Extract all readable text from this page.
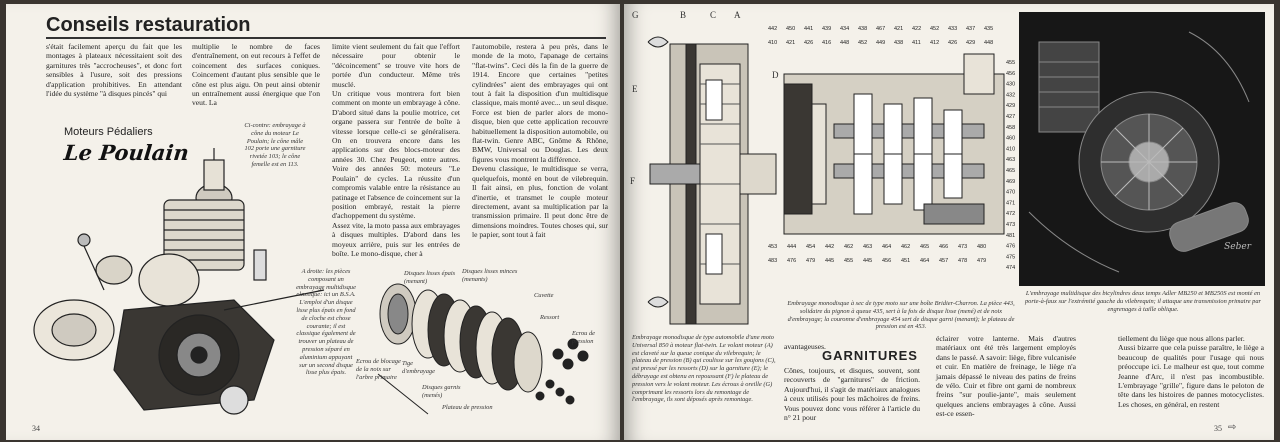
Conseils restauration
s'était facilement aperçu du fait que les montages à plateaux nécessitaient soit des garnitures très "accrocheuses", et donc fort sensibles à l'usure, soit des pressions d'application prohibitives. En attendant l'idée du système "à disques pincés" qui
multiplie le nombre de faces d'entraînement, on eut recours à l'effet de coincement des surfaces coniques. Coincement d'autant plus sensible que le cône est plus aigu. On peut ainsi obtenir un entraînement aussi énergique que l'on veut. La
limite vient seulement du fait que l'effort nécessaire pour obtenir le "décoincement" se trouve vite hors de portée d'un conducteur. Même très musclé.
Un critique vous montrera fort bien comment on monte un embrayage à cône. D'abord situé dans la poulie motrice, cet organe passera sur l'entrée de boîte à vitesse lorsque celle-ci se généralisera. On en trouvera encore dans les applications sur des blocs-moteur des années 30. Chez Peugeot, entre autres. Voire des années 50: moteurs "Le Poulain" de cycles. La réussite d'un compromis valable entre la résistance au patinage et l'absence de coincement sur la position embrayé, restait la pierre d'achoppement du système.
Assez vite, la moto passa aux embrayages à disques multiples. D'abord dans les moyeux arrière, puis sur les entrées de boîte. Le mono-disque, cher à
l'automobile, restera à peu près, dans le monde de la moto, l'apanage de certains "flat-twins". Ceci dès la fin de la guerre de 1914. Encore que certaines "petites cylindrées" aient des embrayages qui ont tout à fait la disposition d'un multidisque classique, mais monté avec... un seul disque. Force est bien de parler alors de mono-disque, bien que cette application recouvre habituellement la disposition automobile, ou flat-twin. Genre ABC, Gnôme & Rhône, BMW, Universal ou Douglas. Les deux figures vous montrent la différence.
Devenu classique, le multidisque se verra, quelquefois, monté en bout de vilebrequin. Il fait ainsi, en plus, fonction de volant d'inertie, et transmet le couple moteur directement, avant sa multiplication par la transmission primaire. Il peut donc être de dimensions moindres. Toutes choses qui, sur le papier, sont tout à fait
Moteurs Pédaliers
Le Poulain
Ci-contre: embrayage à cône du moteur Le Poulain; le cône mâle 102 porte une garniture rivetée 103; le cône femelle est en 113.
A droite: les pièces composant un embrayage multidisque classique: ici un B.S.A. L'emploi d'un disque lisse plus épais en fond de cloche est chose courante; il est classique également de trouver un plateau de pression séparé en aluminium appuyant sur un second disque lisse plus épais.
Disques lisses minces (menants)
Disques lisses épais (menant)
Cuvette
Ressort
Ecrou de pression
Ecrou de blocage de la noix sur l'arbre primaire
Tige d'embrayage
Disques garnis (menés)
Plateau de pression
34
G	B	C A
D
E
F
Embrayage monodisque de type automobile d'une moto Universal 850 à moteur flat-twin. Le volant moteur (A) est claveté sur la queue conique du vilebrequin; le plateau de pression (B) qui coulisse sur les goujons (C), est pressé par les ressorts (D) sur la garniture (E); le débrayage est obtenu en repoussant (F) le plateau de pression vers le volant moteur. Les écrous à oreille (G) comprimant les ressorts lors du remontage de l'embrayage, ils sont déposés après remontage.
442 450 441 439 434 438 467 421 422 452 433 437 435
410 421 426 416 448 452 449 438 411 412 426 429 448
455
456
430
432
429
427
458
460
410
463
465
469
470
471
472
473
481
476
475
474
453 444 454 442 462 463 464 462 465 466 473 480
483 476 479 445 455 445 456 451 464 457 478 479
Embrayage monodisque à sec de type moto sur une boîte Bridier-Charron. La pièce 443, solidaire du pignon à queue 435, sert à la fois de disque lisse (mené) et de noix d'embrayage; la couronne d'embrayage 454 sert de disque garni (menant); le plateau de pression est en 453.
Seber
L'embrayage multidisque des bicylindres deux temps Adler MB250 et MB250S est monté en porte-à-faux sur l'extrémité gauche du vilebrequin; il attaque une transmission primaire par engrenages à taille oblique.
avantageuses.
GARNITURES
Cônes, toujours, et disques, souvent, sont recouverts de "garnitures" de friction. Aujourd'hui, il s'agit de matériaux analogues à ceux utilisés pour les mâchoires de freins. Vous pouvez donc vous référer à l'article du n° 21 pour
éclairer votre lanterne. Mais d'autres matériaux ont été très largement employés dans le passé. A savoir: liège, fibre vulcanisée et cuir. En matière de freinage, le liège n'a jamais dépassé le niveau des patins de freins de vélo. Cuir et fibre ont garni de nombreux freins "sur poulie-jante", mais seulement quelques anciens embrayages à cône. Aussi est-ce essen-
tiellement du liège que nous allons parler.
Aussi bizarre que cela puisse paraître, le liège a beaucoup de qualités pour l'usage qui nous préoccupe ici. Le malheur est que, tout comme Jeanne d'Arc, il n'est pas incombustible. L'embrayage "grille", figure dans le peloton de tête dans les histoires de pannes motocyclistes. Les choses, en général, en restent
35 ⇨
